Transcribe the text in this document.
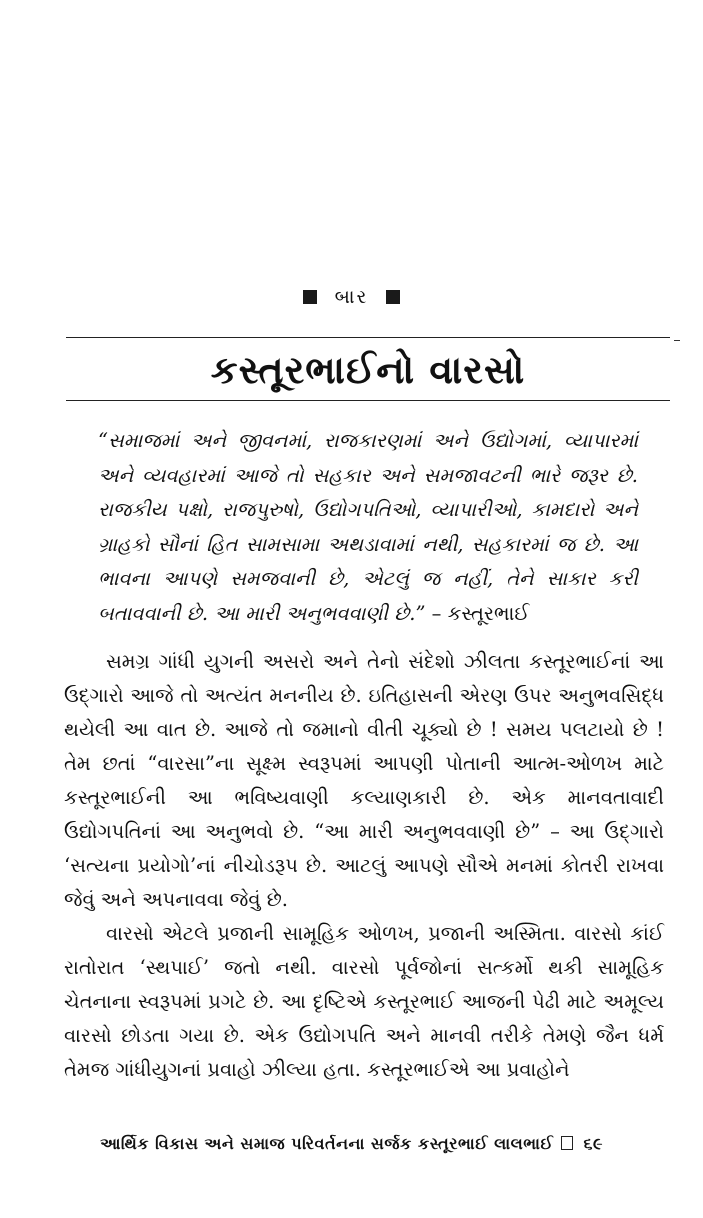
બાર
કસ્તૂરભાઈનો વારસો
“સમાજમાં અને જીવનમાં, રાજકારણમાં અને ઉદ્યોગમાં, વ્યાપારમાં અને વ્યવહારમાં આજે તો સહકાર અને સમજાવટની ભારે જરૂર છે. રાજકીય પક્ષો, રાજપુરુષો, ઉદ્યોગપતિઓ, વ્યાપારીઓ, કામદારો અને ગ્રાહકો સૌનાં હિત સામસામા અથડાવામાં નથી, સહકારમાં જ છે. આ ભાવના આપણે સમજવાની છે, એટલું જ નહીં, તેને સાકાર કરી બતાવવાની છે. આ મારી અનુભવવાણી છે.” – કસ્તૂરભાઈ

સમગ્ર ગાંધી યુગની અસરો અને તેનો સંદેશો ઝીલતા કસ્તૂરભાઈનાં આ ઉદ્‌ગારો આજે તો અત્યંત મનનીય છે. ઇતિહાસની એરણ ઉપર અનુભવસિદ્ધ થયેલી આ વાત છે. આજે તો જમાનો વીતી ચૂક્યો છે ! સમય પલટાયો છે ! તેમ છતાં “વારસા”ના સૂક્ષ્મ સ્વરૂપમાં આપણી પોતાની આત્મ-ઓળખ માટે કસ્તૂરભાઈની આ ભવિષ્યવાણી કલ્યાણકારી છે. એક માનવતાવાદી ઉદ્યોગપતિનાં આ અનુભવો છે. “આ મારી અનુભવવાણી છે” – આ ઉદ્‌ગારો ‘સત્યના પ્રયોગો’નાં નીચોડરૂપ છે. આટલું આપણે સૌએ મનમાં કોતરી રાખવા જેવું અને અપનાવવા જેવું છે.

વારસો એટલે પ્રજાની સામૂહિક ઓળખ, પ્રજાની અસ્મિતા. વારસો કાંઈ રાતોરાત ‘સ્થપાઈ’ જતો નથી. વારસો પૂર્વજોનાં સત્કર્મો થકી સામૂહિક ચેતનાના સ્વરૂપમાં પ્રગટે છે. આ દૃષ્ટિએ કસ્તૂરભાઈ આજની પેઢી માટે અમૂલ્ય વારસો છોડતા ગયા છે. એક ઉદ્યોગપતિ અને માનવી તરીકે તેમણે જૈન ધર્મ તેમજ ગાંધીયુગનાં પ્રવાહો ઝીલ્યા હતા. કસ્તૂરભાઈએ આ પ્રવાહોને

આર્થિક વિકાસ અને સમાજ પરિવર્તનના સર્જક કસ્તૂરભાઈ લાલભાઈ ૬૯
